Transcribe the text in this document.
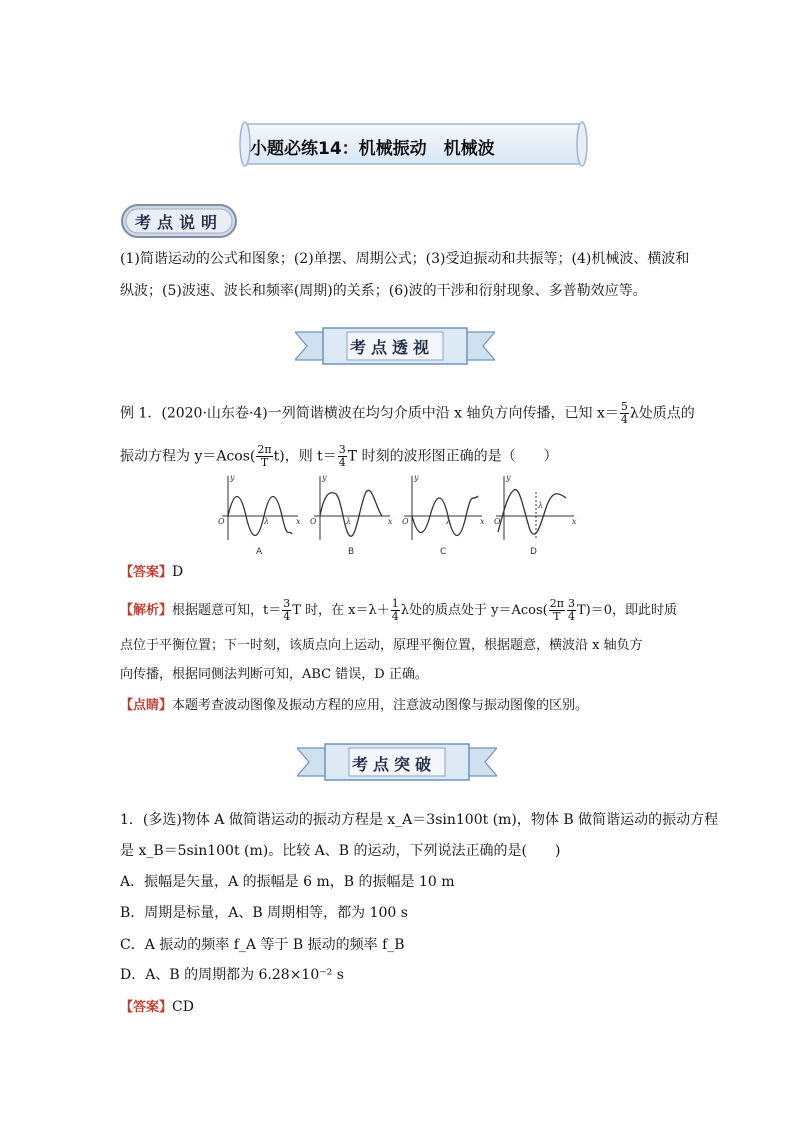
小题必练14：机械振动　机械波
考点说明
(1)简谐运动的公式和图象；(2)单摆、周期公式；(3)受迫振动和共振等；(4)机械波、横波和
纵波；(5)波速、波长和频率(周期)的关系；(6)波的干涉和衍射现象、多普勒效应等。
考点透视
例 1．(2020·山东卷·4)一列简谐横波在均匀介质中沿 x 轴负方向传播，已知 $x= \frac{5}{4}$ λ处质点的
振动方程为 $y=Acos( \frac{2\pi}{T} t)$，则 $t= \frac{3}{4}$ T 时刻的波形图正确的是（　　）
y
x
O	λ
y
x
O	λ
y
x
O	λ
y
x
O
λ
A	B	C	D
【答案】D
【解析】根据题意可知，$t= \frac{3}{4}$ T 时，在 $x=\lambda+ \frac{1}{4}$ λ处的质点处于 $y=Acos( \frac{2\pi}{T} \frac{3}{4} T)=0$，即此时质
点位于平衡位置；下一时刻，该质点向上运动，原理平衡位置，根据题意，横波沿 x 轴负方
向传播，根据同侧法判断可知，ABC 错误，D 正确。
【点睛】本题考查波动图像及振动方程的应用，注意波动图像与振动图像的区别。
考点突破
1．(多选)物体 A 做简谐运动的振动方程是 x_A＝3sin100t (m)，物体 B 做简谐运动的振动方程
是 x_B＝5sin100t (m)。比较 A、B 的运动，下列说法正确的是(　　)
A．振幅是矢量，A 的振幅是 6 m，B 的振幅是 10 m
B．周期是标量，A、B 周期相等，都为 100 s
C．A 振动的频率 f_A 等于 B 振动的频率 f_B
D．A、B 的周期都为 6.28×10⁻² s
【答案】CD
